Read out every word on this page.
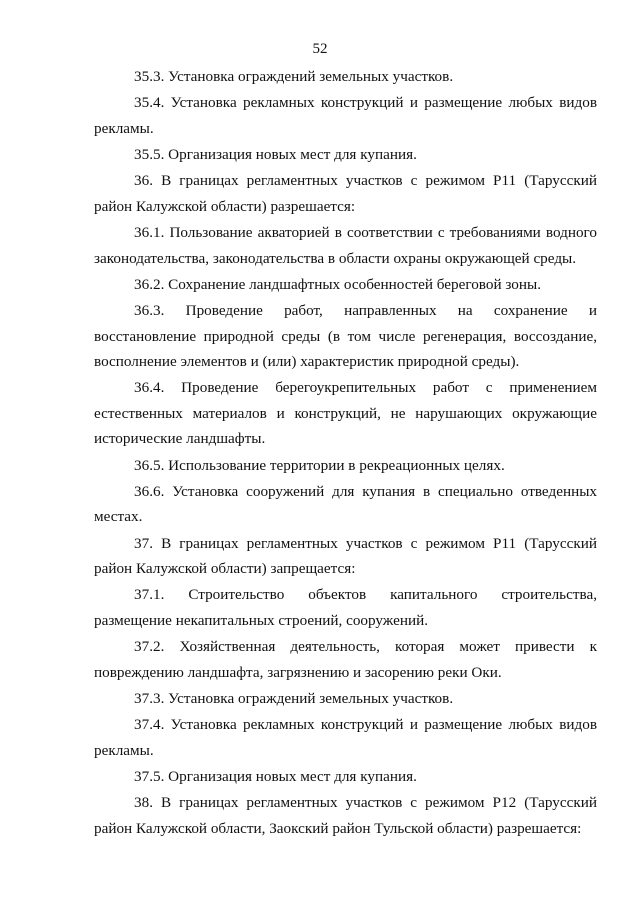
52

35.3. Установка ограждений земельных участков.

35.4. Установка рекламных конструкций и размещение любых видов рекламы.

35.5. Организация новых мест для купания.

36. В границах регламентных участков с режимом Р11 (Тарусский район Калужской области) разрешается:

36.1. Пользование акваторией в соответствии с требованиями водного законодательства, законодательства в области охраны окружающей среды.

36.2. Сохранение ландшафтных особенностей береговой зоны.

36.3. Проведение работ, направленных на сохранение и восстановление природной среды (в том числе регенерация, воссоздание, восполнение элементов и (или) характеристик природной среды).

36.4. Проведение берегоукрепительных работ с применением естественных материалов и конструкций, не нарушающих окружающие исторические ландшафты.

36.5. Использование территории в рекреационных целях.

36.6. Установка сооружений для купания в специально отведенных местах.

37. В границах регламентных участков с режимом Р11 (Тарусский район Калужской области) запрещается:

37.1. Строительство объектов капитального строительства, размещение некапитальных строений, сооружений.

37.2. Хозяйственная деятельность, которая может привести к повреждению ландшафта, загрязнению и засорению реки Оки.

37.3. Установка ограждений земельных участков.

37.4. Установка рекламных конструкций и размещение любых видов рекламы.

37.5. Организация новых мест для купания.

38. В границах регламентных участков с режимом Р12 (Тарусский район Калужской области, Заокский район Тульской области) разрешается:
